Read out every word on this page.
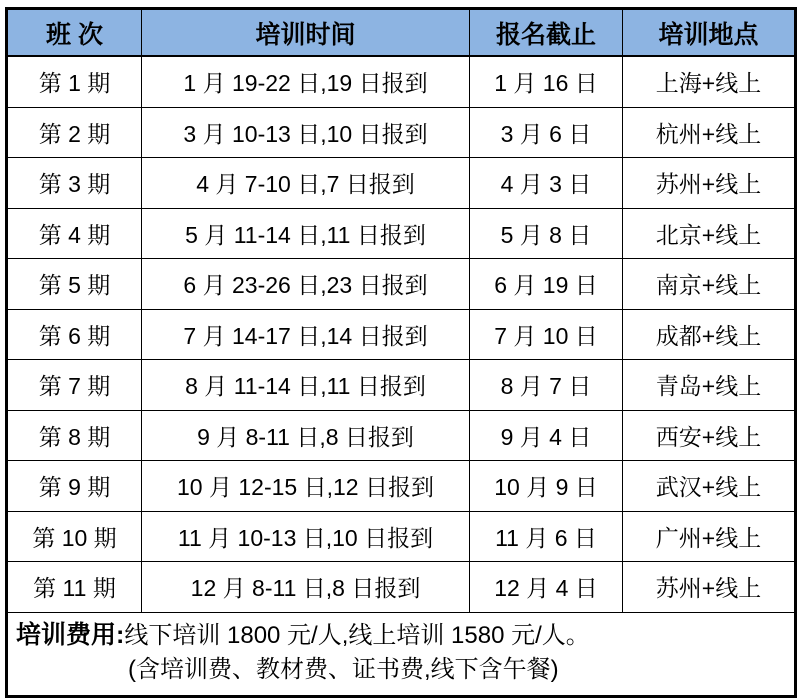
班 次	培训时间	报名截止	培训地点
第 1 期	1 月 19-22 日,19 日报到	1 月 16 日	上海+线上
第 2 期	3 月 10-13 日,10 日报到	3 月 6 日	杭州+线上
第 3 期	4 月 7-10 日,7 日报到	4 月 3 日	苏州+线上
第 4 期	5 月 11-14 日,11 日报到	5 月 8 日	北京+线上
第 5 期	6 月 23-26 日,23 日报到	6 月 19 日	南京+线上
第 6 期	7 月 14-17 日,14 日报到	7 月 10 日	成都+线上
第 7 期	8 月 11-14 日,11 日报到	8 月 7 日	青岛+线上
第 8 期	9 月 8-11 日,8 日报到	9 月 4 日	西安+线上
第 9 期	10 月 12-15 日,12 日报到	10 月 9 日	武汉+线上
第 10 期	11 月 10-13 日,10 日报到	11 月 6 日	广州+线上
第 11 期	12 月 8-11 日,8 日报到	12 月 4 日	苏州+线上

培训费用:线下培训 1800 元/人,线上培训 1580 元/人。
(含培训费、教材费、证书费,线下含午餐)			
